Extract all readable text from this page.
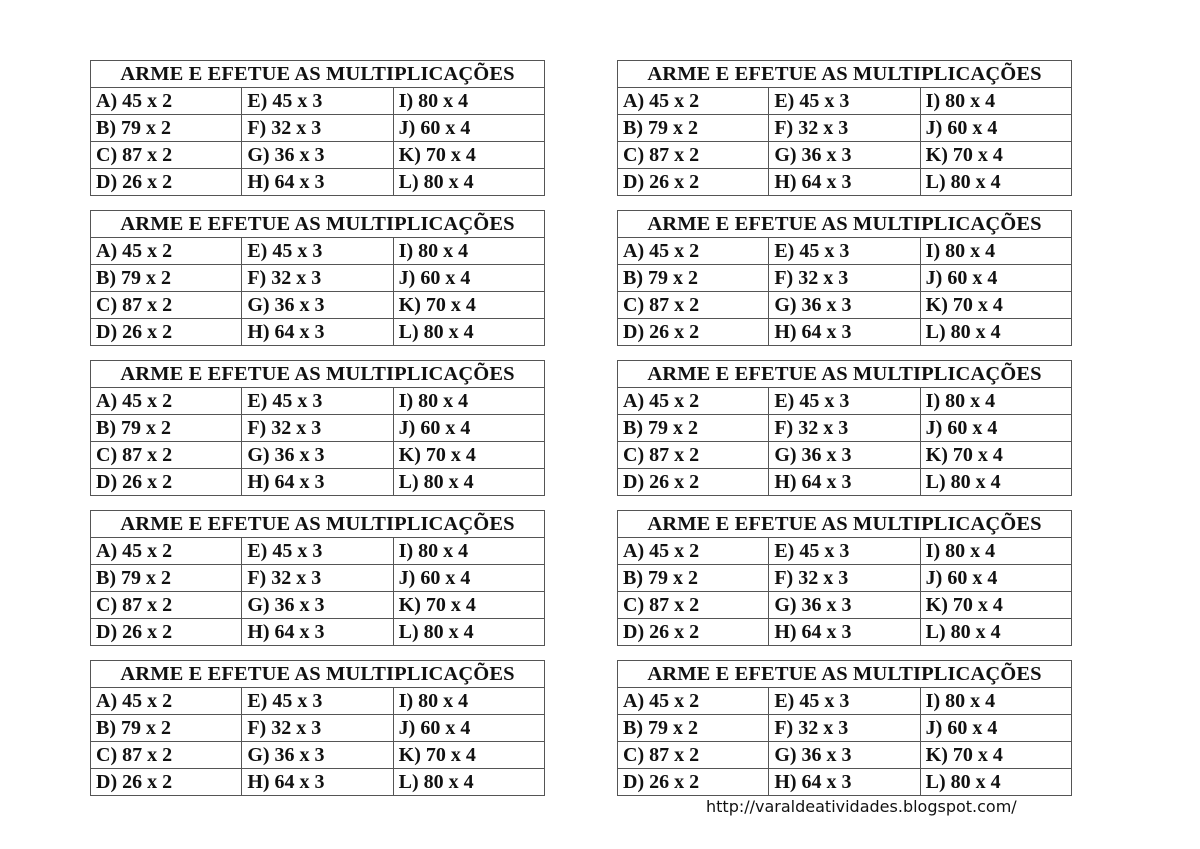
ARME E EFETUE AS MULTIPLICAÇÕES
A) 45 x 2	E) 45 x 3	I) 80 x 4
B) 79 x 2	F) 32 x 3	J) 60 x 4
C) 87 x 2	G) 36 x 3	K) 70 x 4
D) 26 x 2	H) 64 x 3	L) 80 x 4
ARME E EFETUE AS MULTIPLICAÇÕES
A) 45 x 2	E) 45 x 3	I) 80 x 4
B) 79 x 2	F) 32 x 3	J) 60 x 4
C) 87 x 2	G) 36 x 3	K) 70 x 4
D) 26 x 2	H) 64 x 3	L) 80 x 4
ARME E EFETUE AS MULTIPLICAÇÕES
A) 45 x 2	E) 45 x 3	I) 80 x 4
B) 79 x 2	F) 32 x 3	J) 60 x 4
C) 87 x 2	G) 36 x 3	K) 70 x 4
D) 26 x 2	H) 64 x 3	L) 80 x 4
ARME E EFETUE AS MULTIPLICAÇÕES
A) 45 x 2	E) 45 x 3	I) 80 x 4
B) 79 x 2	F) 32 x 3	J) 60 x 4
C) 87 x 2	G) 36 x 3	K) 70 x 4
D) 26 x 2	H) 64 x 3	L) 80 x 4
ARME E EFETUE AS MULTIPLICAÇÕES
A) 45 x 2	E) 45 x 3	I) 80 x 4
B) 79 x 2	F) 32 x 3	J) 60 x 4
C) 87 x 2	G) 36 x 3	K) 70 x 4
D) 26 x 2	H) 64 x 3	L) 80 x 4
ARME E EFETUE AS MULTIPLICAÇÕES
A) 45 x 2	E) 45 x 3	I) 80 x 4
B) 79 x 2	F) 32 x 3	J) 60 x 4
C) 87 x 2	G) 36 x 3	K) 70 x 4
D) 26 x 2	H) 64 x 3	L) 80 x 4
ARME E EFETUE AS MULTIPLICAÇÕES
A) 45 x 2	E) 45 x 3	I) 80 x 4
B) 79 x 2	F) 32 x 3	J) 60 x 4
C) 87 x 2	G) 36 x 3	K) 70 x 4
D) 26 x 2	H) 64 x 3	L) 80 x 4
ARME E EFETUE AS MULTIPLICAÇÕES
A) 45 x 2	E) 45 x 3	I) 80 x 4
B) 79 x 2	F) 32 x 3	J) 60 x 4
C) 87 x 2	G) 36 x 3	K) 70 x 4
D) 26 x 2	H) 64 x 3	L) 80 x 4
ARME E EFETUE AS MULTIPLICAÇÕES
A) 45 x 2	E) 45 x 3	I) 80 x 4
B) 79 x 2	F) 32 x 3	J) 60 x 4
C) 87 x 2	G) 36 x 3	K) 70 x 4
D) 26 x 2	H) 64 x 3	L) 80 x 4
ARME E EFETUE AS MULTIPLICAÇÕES
A) 45 x 2	E) 45 x 3	I) 80 x 4
B) 79 x 2	F) 32 x 3	J) 60 x 4
C) 87 x 2	G) 36 x 3	K) 70 x 4
D) 26 x 2	H) 64 x 3	L) 80 x 4
http://varaldeatividades.blogspot.com/
